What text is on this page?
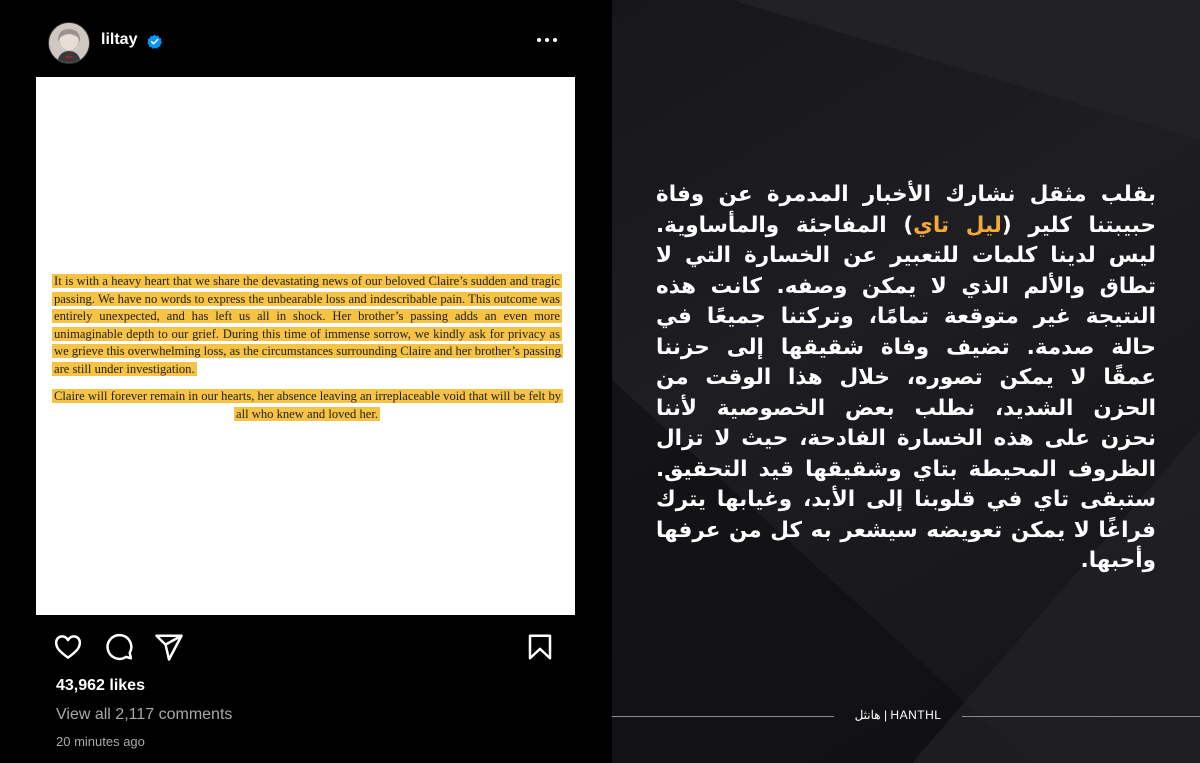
liltay

It is with a heavy heart that we share the devastating news of our beloved Claire’s sudden and tragic passing. We have no words to express the unbearable loss and indescribable pain. This outcome was entirely unexpected, and has left us all in shock. Her brother’s passing adds an even more unimaginable depth to our grief. During this time of immense sorrow, we kindly ask for privacy as we grieve this overwhelming loss, as the circumstances surrounding Claire and her brother’s passing are still under investigation.

Claire will forever remain in our hearts, her absence leaving an irreplaceable void that will be felt by all who knew and loved her.

43,962 likes
View all 2,117 comments
20 minutes ago
بقلب مثقل نشارك الأخبار المدمرة عن وفاة حبيبتنا كلير (ليل تاي) المفاجئة والمأساوية. ليس لدينا كلمات للتعبير عن الخسارة التي لا تطاق والألم الذي لا يمكن وصفه. كانت هذه النتيجة غير متوقعة تمامًا، وتركتنا جميعًا في حالة صدمة. تضيف وفاة شقيقها إلى حزننا عمقًا لا يمكن تصوره، خلال هذا الوقت من الحزن الشديد، نطلب بعض الخصوصية لأننا نحزن على هذه الخسارة الفادحة، حيث لا تزال الظروف المحيطة بتاي وشقيقها قيد التحقيق. ستبقى تاي في قلوبنا إلى الأبد، وغيابها يترك فراغًا لا يمكن تعويضه سيشعر به كل من عرفها وأحبها.
هانثل | HANTHL
